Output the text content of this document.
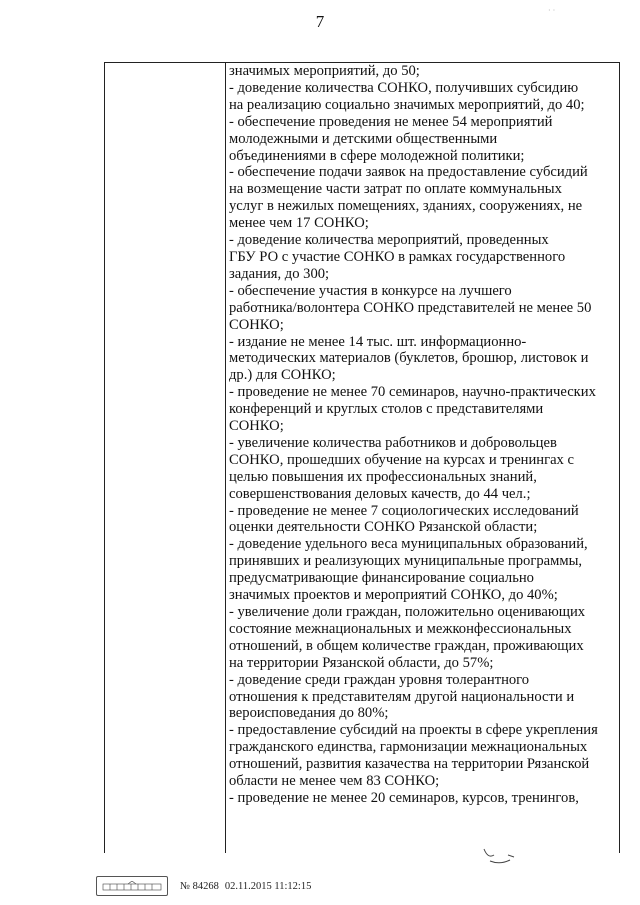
7
· ·
значимых мероприятий, до 50;
- доведение количества СОНКО, получивших субсидию
на реализацию социально значимых мероприятий, до 40;
- обеспечение проведения не менее 54 мероприятий
молодежными и детскими общественными
объединениями в сфере молодежной политики;
- обеспечение подачи заявок на предоставление субсидий
на возмещение части затрат по оплате коммунальных
услуг в нежилых помещениях, зданиях, сооружениях, не
менее чем 17 СОНКО;
- доведение количества мероприятий, проведенных
ГБУ РО с участие СОНКО в рамках государственного
задания, до 300;
- обеспечение участия в конкурсе на лучшего
работника/волонтера СОНКО представителей не менее 50
СОНКО;
- издание не менее 14 тыс. шт. информационно-
методических материалов (буклетов, брошюр, листовок и
др.) для СОНКО;
- проведение не менее 70 семинаров, научно-практических
конференций и круглых столов с представителями
СОНКО;
- увеличение количества работников и добровольцев
СОНКО, прошедших обучение на курсах и тренингах с
целью повышения их профессиональных знаний,
совершенствования деловых качеств, до 44 чел.;
- проведение не менее 7 социологических исследований
оценки деятельности СОНКО Рязанской области;
- доведение удельного веса муниципальных образований,
принявших и реализующих муниципальные программы,
предусматривающие финансирование социально
значимых проектов и мероприятий СОНКО, до 40%;
- увеличение доли граждан, положительно оценивающих
состояние межнациональных и межконфессиональных
отношений, в общем количестве граждан, проживающих
на территории Рязанской области, до 57%;
- доведение среди граждан уровня толерантного
отношения к представителям другой национальности и
вероисповедания до 80%;
- предоставление субсидий на проекты в сфере укрепления
гражданского единства, гармонизации межнациональных
отношений, развития казачества на территории Рязанской
области не менее чем 83 СОНКО;
- проведение не менее 20 семинаров, курсов, тренингов,
№ 84268 02.11.2015 11:12:15
